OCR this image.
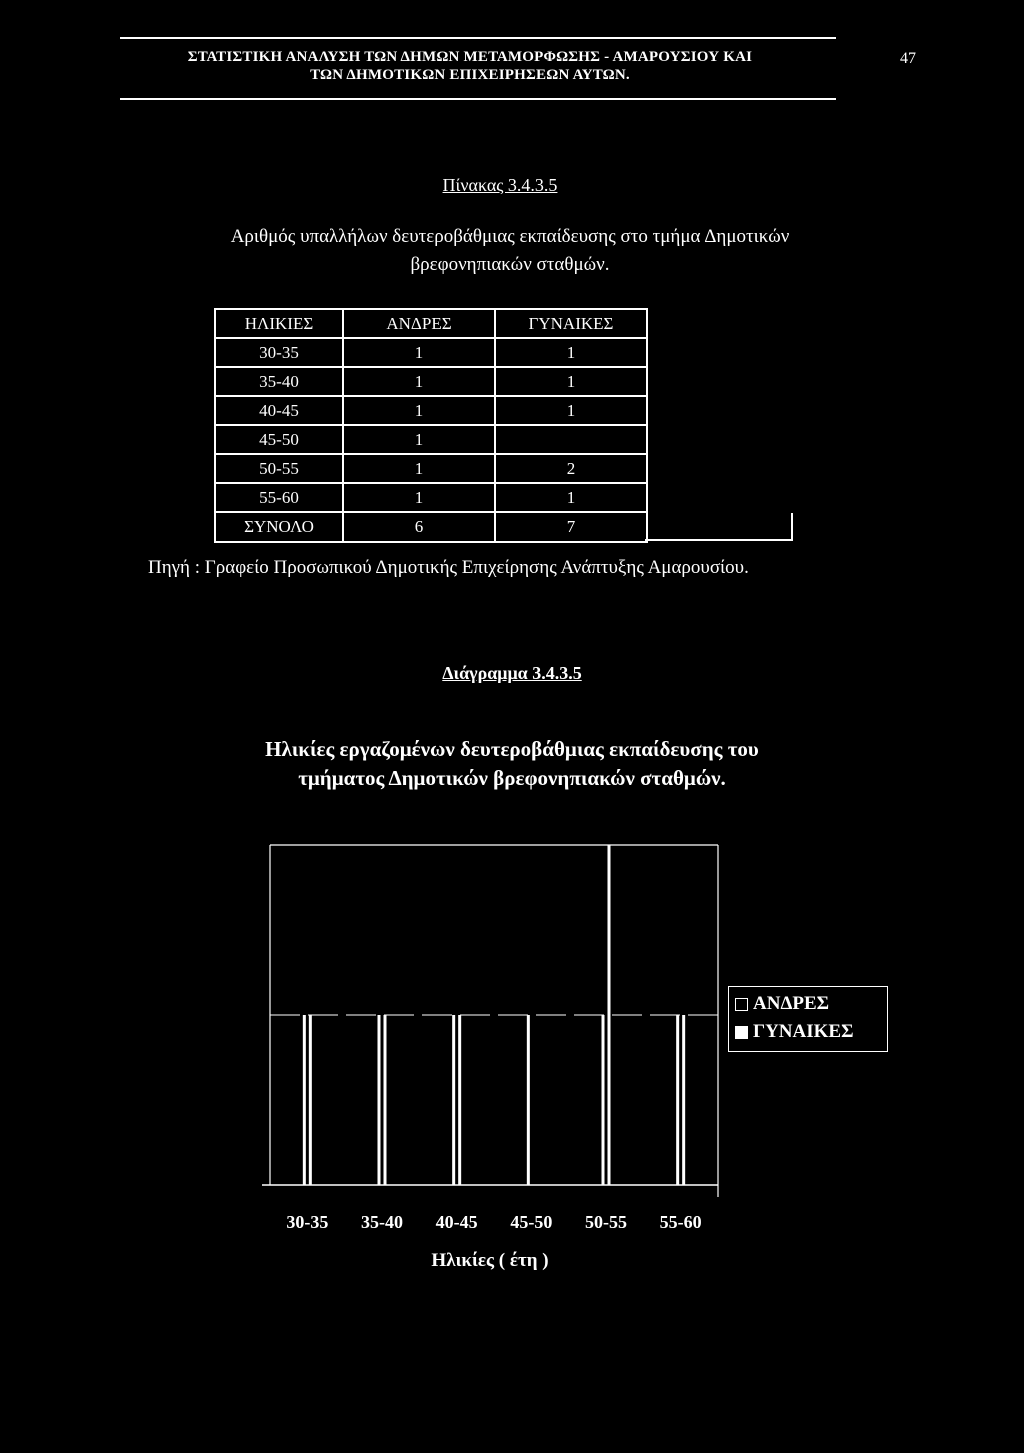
ΣΤΑΤΙΣΤΙΚΗ ΑΝΑΛΥΣΗ ΤΩΝ ΔΗΜΩΝ ΜΕΤΑΜΟΡΦΩΣΗΣ - ΑΜΑΡΟΥΣΙΟΥ ΚΑΙ
ΤΩΝ ΔΗΜΟΤΙΚΩΝ ΕΠΙΧΕΙΡΗΣΕΩΝ ΑΥΤΩΝ.
47
Πίνακας 3.4.3.5
Αριθμός υπαλλήλων δευτεροβάθμιας εκπαίδευσης στο τμήμα Δημοτικών
βρεφονηπιακών σταθμών.
ΗΛΙΚΙΕΣ	ΑΝΔΡΕΣ	ΓΥΝΑΙΚΕΣ
30-35	1	1
35-40	1	1
40-45	1	1
45-50	1	
50-55	1	2
55-60	1	1
ΣΥΝΟΛΟ	6	7
Πηγή : Γραφείο Προσωπικού Δημοτικής Επιχείρησης Ανάπτυξης Αμαρουσίου.
Διάγραμμα 3.4.3.5
Ηλικίες εργαζομένων δευτεροβάθμιας εκπαίδευσης του
τμήματος Δημοτικών βρεφονηπιακών σταθμών.
ΑΝΔΡΕΣ
ΓΥΝΑΙΚΕΣ
30-35	35-40	40-45	45-50	50-55	55-60
Ηλικίες ( έτη )
